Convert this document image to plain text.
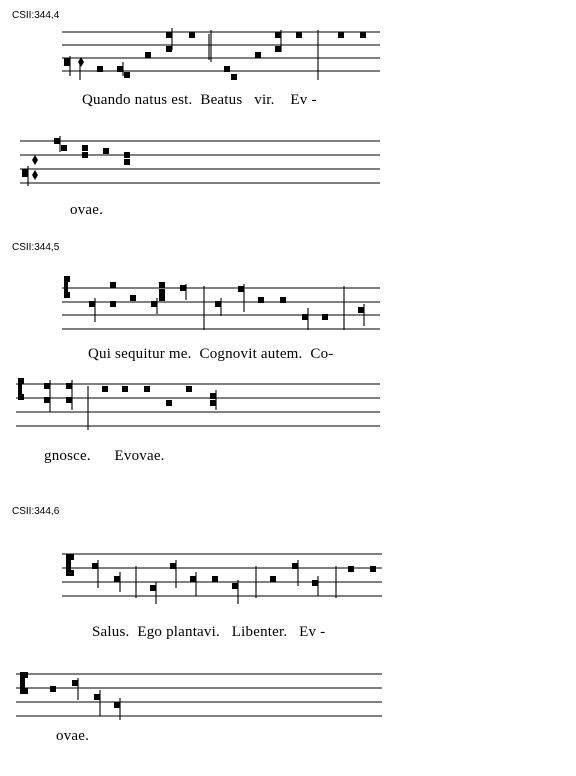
CSII:344,4
Quando natus est.  Beatus   vir.    Ev -
ovae.
CSII:344,5
Qui sequitur me.  Cognovit autem.  Co-
gnosce.      Evovae.
CSII:344,6
Salus.  Ego plantavi.   Libenter.   Ev -
ovae.
